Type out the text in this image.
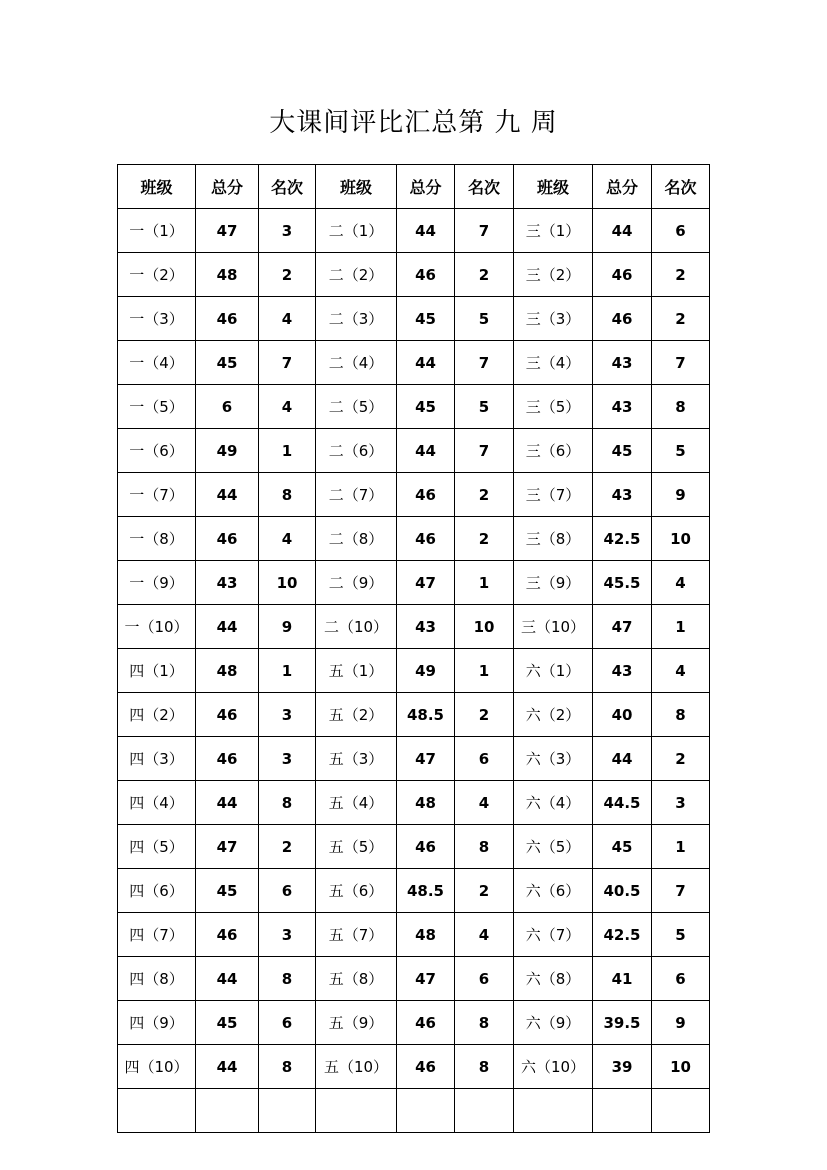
大课间评比汇总第 九 周
班级	总分	名次	班级	总分	名次	班级	总分	名次
一（1）	47	3	二（1）	44	7	三（1）	44	6
一（2）	48	2	二（2）	46	2	三（2）	46	2
一（3）	46	4	二（3）	45	5	三（3）	46	2
一（4）	45	7	二（4）	44	7	三（4）	43	7
一（5）	6	4	二（5）	45	5	三（5）	43	8
一（6）	49	1	二（6）	44	7	三（6）	45	5
一（7）	44	8	二（7）	46	2	三（7）	43	9
一（8）	46	4	二（8）	46	2	三（8）	42.5	10
一（9）	43	10	二（9）	47	1	三（9）	45.5	4
一（10）	44	9	二（10）	43	10	三（10）	47	1
四（1）	48	1	五（1）	49	1	六（1）	43	4
四（2）	46	3	五（2）	48.5	2	六（2）	40	8
四（3）	46	3	五（3）	47	6	六（3）	44	2
四（4）	44	8	五（4）	48	4	六（4）	44.5	3
四（5）	47	2	五（5）	46	8	六（5）	45	1
四（6）	45	6	五（6）	48.5	2	六（6）	40.5	7
四（7）	46	3	五（7）	48	4	六（7）	42.5	5
四（8）	44	8	五（8）	47	6	六（8）	41	6
四（9）	45	6	五（9）	46	8	六（9）	39.5	9
四（10）	44	8	五（10）	46	8	六（10）	39	10
